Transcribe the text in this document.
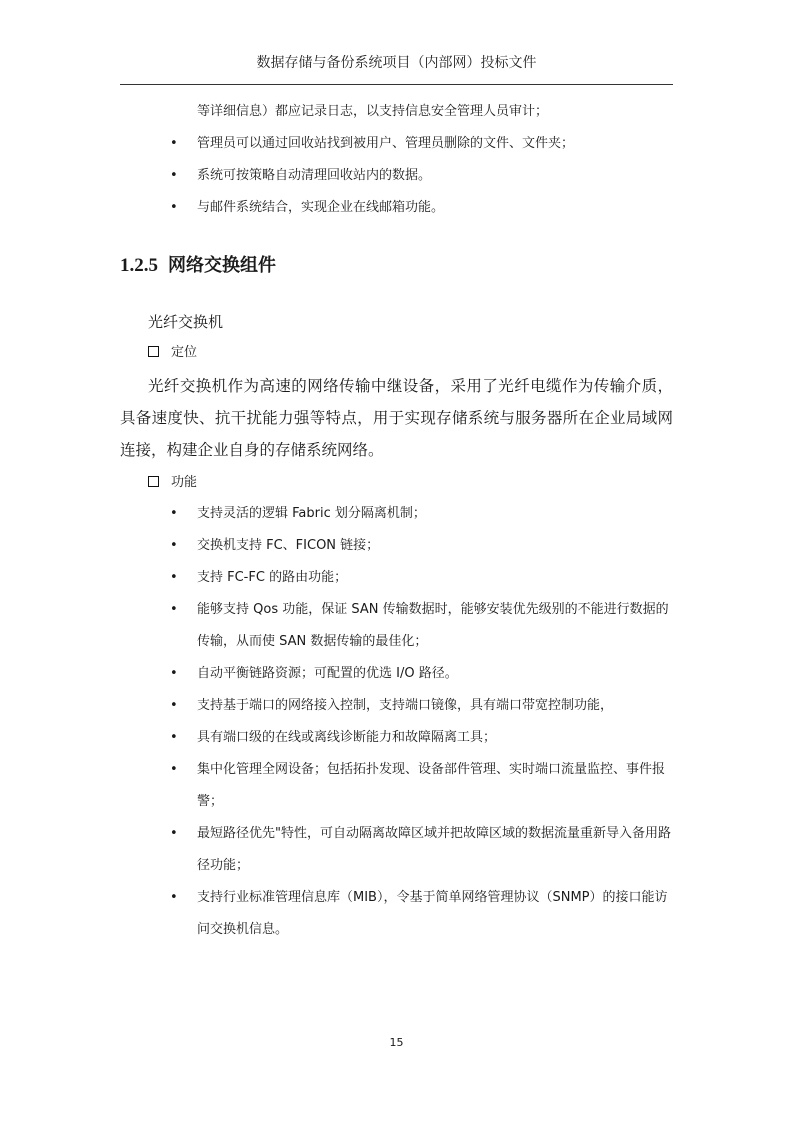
数据存储与备份系统项目（内部网）投标文件
等详细信息）都应记录日志，以支持信息安全管理人员审计；
• 管理员可以通过回收站找到被用户、管理员删除的文件、文件夹；
• 系统可按策略自动清理回收站内的数据。
• 与邮件系统结合，实现企业在线邮箱功能。
1.2.5 网络交换组件
光纤交换机
定位

光纤交换机作为高速的网络传输中继设备，采用了光纤电缆作为传输介质，具备速度快、抗干扰能力强等特点，用于实现存储系统与服务器所在企业局域网连接，构建企业自身的存储系统网络。

功能
• 支持灵活的逻辑 Fabric 划分隔离机制；
• 交换机支持 FC、FICON 链接；
• 支持 FC-FC 的路由功能；
• 能够支持 Qos 功能，保证 SAN 传输数据时，能够安装优先级别的不能进行数据的传输，从而使 SAN 数据传输的最佳化；
• 自动平衡链路资源；可配置的优选 I/O 路径。
• 支持基于端口的网络接入控制，支持端口镜像，具有端口带宽控制功能，
• 具有端口级的在线或离线诊断能力和故障隔离工具；
• 集中化管理全网设备；包括拓扑发现、设备部件管理、实时端口流量监控、事件报警；
• 最短路径优先"特性，可自动隔离故障区域并把故障区域的数据流量重新导入备用路径功能；
• 支持行业标准管理信息库（MIB），令基于简单网络管理协议（SNMP）的接口能访问交换机信息。
15
